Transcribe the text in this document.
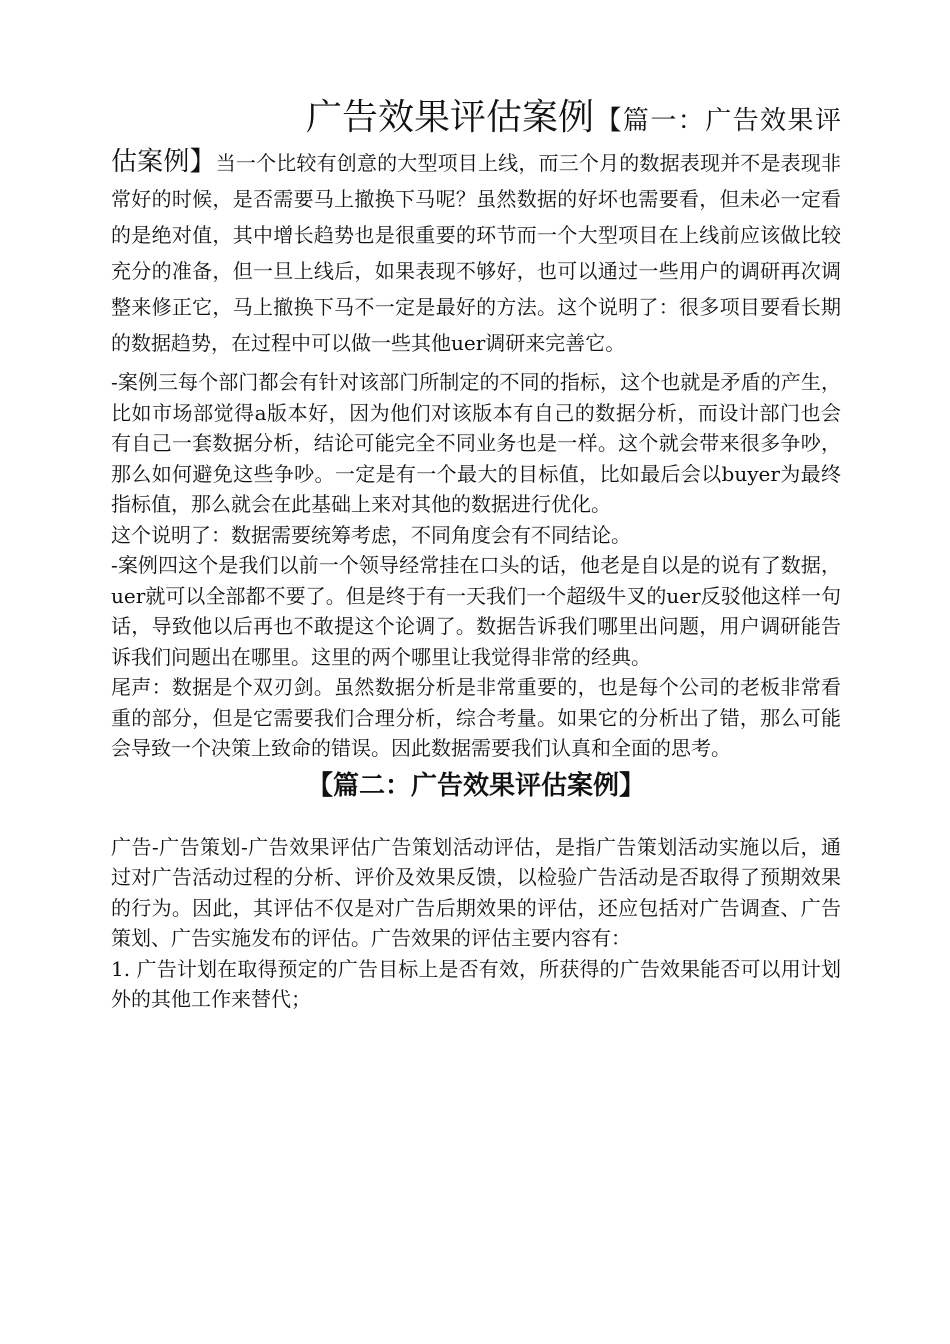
广告效果评估案例【篇一：广告效果评估案例】当一个比较有创意的大型项目上线，而三个月的数据表现并不是表现非常好的时候，是否需要马上撤换下马呢？虽然数据的好坏也需要看，但未必一定看的是绝对值，其中增长趋势也是很重要的环节而一个大型项目在上线前应该做比较充分的准备，但一旦上线后，如果表现不够好，也可以通过一些用户的调研再次调整来修正它，马上撤换下马不一定是最好的方法。这个说明了：很多项目要看长期的数据趋势，在过程中可以做一些其他uer调研来完善它。

-案例三每个部门都会有针对该部门所制定的不同的指标，这个也就是矛盾的产生，比如市场部觉得a版本好，因为他们对该版本有自己的数据分析，而设计部门也会有自己一套数据分析，结论可能完全不同业务也是一样。这个就会带来很多争吵，那么如何避免这些争吵。一定是有一个最大的目标值，比如最后会以buyer为最终指标值，那么就会在此基础上来对其他的数据进行优化。

这个说明了：数据需要统筹考虑，不同角度会有不同结论。

-案例四这个是我们以前一个领导经常挂在口头的话，他老是自以是的说有了数据，uer就可以全部都不要了。但是终于有一天我们一个超级牛叉的uer反驳他这样一句话，导致他以后再也不敢提这个论调了。数据告诉我们哪里出问题，用户调研能告诉我们问题出在哪里。这里的两个哪里让我觉得非常的经典。

尾声：数据是个双刃剑。虽然数据分析是非常重要的，也是每个公司的老板非常看重的部分，但是它需要我们合理分析，综合考量。如果它的分析出了错，那么可能会导致一个决策上致命的错误。因此数据需要我们认真和全面的思考。

【篇二：广告效果评估案例】

广告-广告策划-广告效果评估广告策划活动评估，是指广告策划活动实施以后，通过对广告活动过程的分析、评价及效果反馈，以检验广告活动是否取得了预期效果的行为。因此，其评估不仅是对广告后期效果的评估，还应包括对广告调查、广告策划、广告实施发布的评估。广告效果的评估主要内容有：

1. 广告计划在取得预定的广告目标上是否有效，所获得的广告效果能否可以用计划外的其他工作来替代；
